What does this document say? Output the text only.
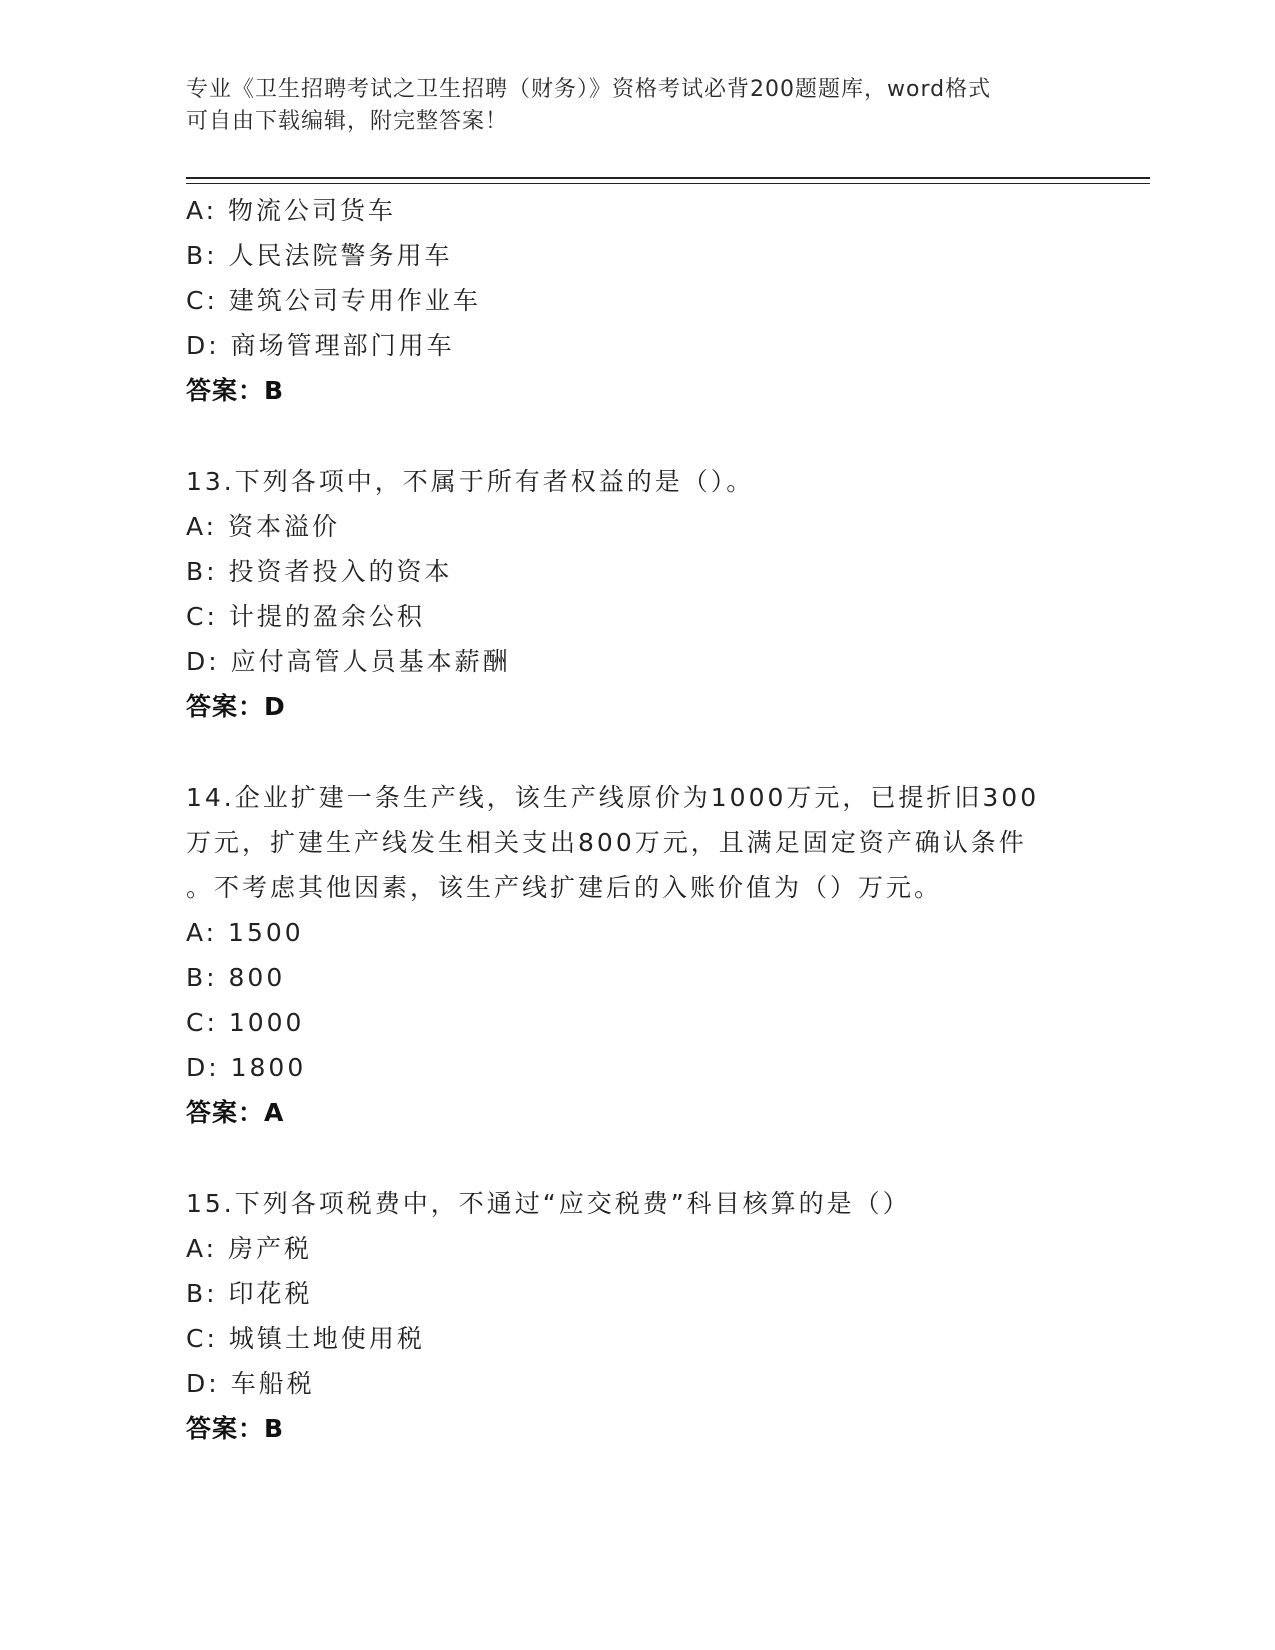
专业《卫生招聘考试之卫生招聘（财务）》资格考试必背200题题库，word格式
可自由下载编辑，附完整答案！
A: 物流公司货车
B: 人民法院警务用车
C: 建筑公司专用作业车
D: 商场管理部门用车
答案：B
13.下列各项中，不属于所有者权益的是（）。
A: 资本溢价
B: 投资者投入的资本
C: 计提的盈余公积
D: 应付高管人员基本薪酬
答案：D
14.企业扩建一条生产线，该生产线原价为1000万元，已提折旧300
万元，扩建生产线发生相关支出800万元，且满足固定资产确认条件
。不考虑其他因素，该生产线扩建后的入账价值为（）万元。
A: 1500
B: 800
C: 1000
D: 1800
答案：A
15.下列各项税费中，不通过“应交税费”科目核算的是（）
A: 房产税
B: 印花税
C: 城镇土地使用税
D: 车船税
答案：B
